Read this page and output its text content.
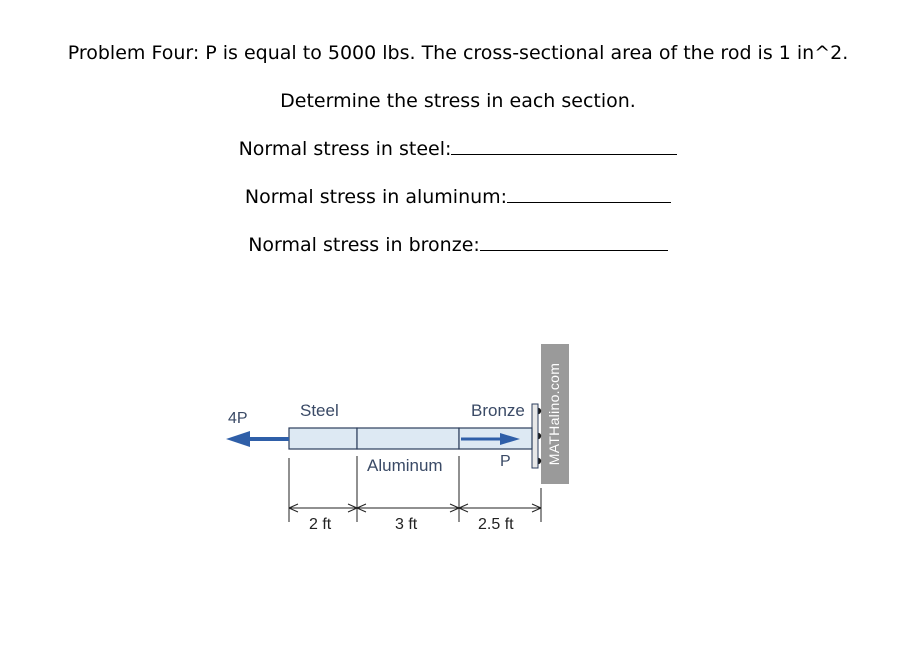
Problem Four: P is equal to 5000 lbs. The cross-sectional area of the rod is 1 in^2.
Determine the stress in each section.
Normal stress in steel:
Normal stress in aluminum:
Normal stress in bronze:
4P	Steel
Aluminum
Bronze
P
2 ft	3 ft	2.5 ft
MATHalino.com
